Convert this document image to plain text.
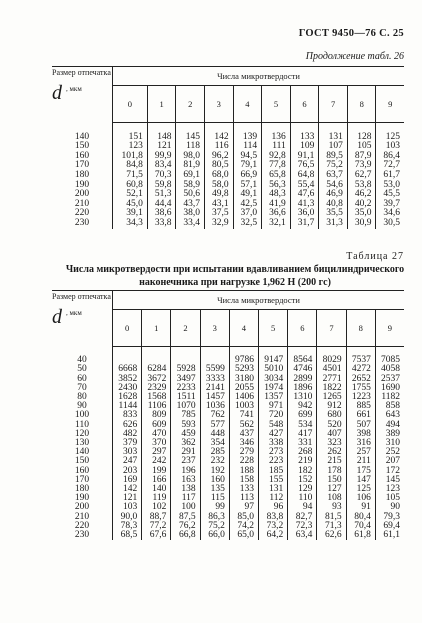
ГОСТ 9450—76 С. 25
Продолжение табл. 26
Размер отпечатка
d , мкм	Числа микротвердости									
	0	1	2	3	4	5	6	7	8	9

140	151	148	145	142	139	136	133	131	128	125
150	123	121	118	116	114	111	109	107	105	103
160	101,8	99,9	98,0	96,2	94,5	92,8	91,1	89,5	87,9	86,4
170	84,8	83,4	81,9	80,5	79,1	77,8	76,5	75,2	73,9	72,7
180	71,5	70,3	69,1	68,0	66,9	65,8	64,8	63,7	62,7	61,7
190	60,8	59,8	58,9	58,0	57,1	56,3	55,4	54,6	53,8	53,0
200	52,1	51,3	50,6	49,8	49,1	48,3	47,6	46,9	46,2	45,5
210	45,0	44,4	43,7	43,1	42,5	41,9	41,3	40,8	40,2	39,7
220	39,1	38,6	38,0	37,5	37,0	36,6	36,0	35,5	35,0	34,6
230	34,3	33,8	33,4	32,9	32,5	32,1	31,7	31,3	30,9	30,5
Таблица 27
Числа микротвердости при испытании вдавливанием бицилиндрического наконечника при нагрузке 1,962 Н (200 гс)
Размер отпечатка
d , мкм	Числа микротвердости									
	0	1	2	3	4	5	6	7	8	9

40					9786	9147	8564	8029	7537	7085
50	6668	6284	5928	5599	5293	5010	4746	4501	4272	4058
60	3852	3672	3497	3333	3180	3034	2899	2771	2652	2537
70	2430	2329	2233	2141	2055	1974	1896	1822	1755	1690
80	1628	1568	1511	1457	1406	1357	1310	1265	1223	1182
90	1144	1106	1070	1036	1003	971	942	912	885	858
100	833	809	785	762	741	720	699	680	661	643
110	626	609	593	577	562	548	534	520	507	494
120	482	470	459	448	437	427	417	407	398	389
130	379	370	362	354	346	338	331	323	316	310
140	303	297	291	285	279	273	268	262	257	252
150	247	242	237	232	228	223	219	215	211	207
160	203	199	196	192	188	185	182	178	175	172
170	169	166	163	160	158	155	152	150	147	145
180	142	140	138	135	133	131	129	127	125	123
190	121	119	117	115	113	112	110	108	106	105
200	103	102	100	99	97	96	94	93	91	90
210	90,0	88,7	87,5	86,3	85,0	83,8	82,7	81,5	80,4	79,3
220	78,3	77,2	76,2	75,2	74,2	73,2	72,3	71,3	70,4	69,4
230	68,5	67,6	66,8	66,0	65,0	64,2	63,4	62,6	61,8	61,1
